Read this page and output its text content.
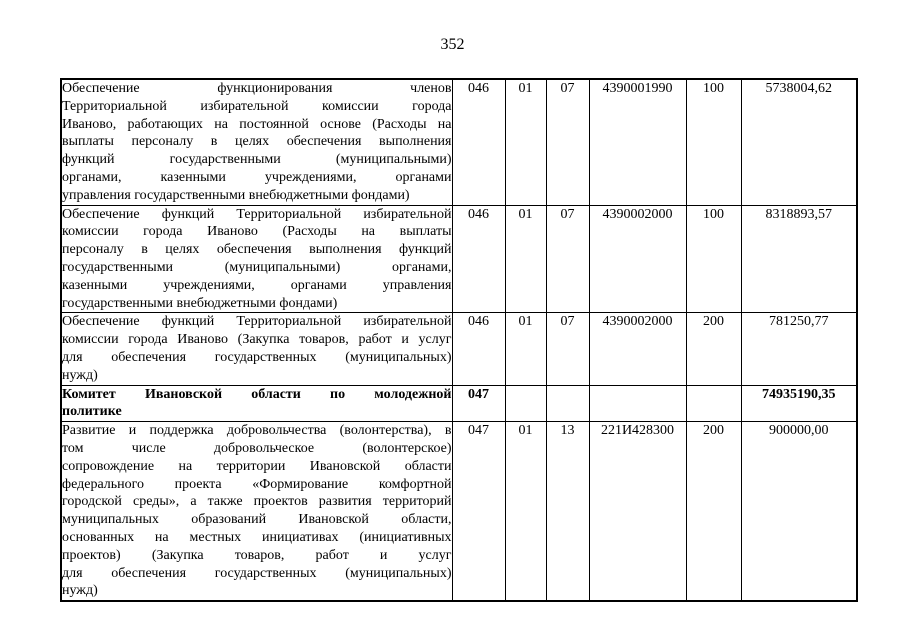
352
Обеспечение функционирования членов
Территориальной избирательной комиссии города
Иваново, работающих на постоянной основе (Расходы на
выплаты персоналу в целях обеспечения выполнения
функций государственными (муниципальными)
органами, казенными учреждениями, органами
управления государственными внебюджетными фондами)
	046	01	07	4390001990	100	5738004,62

Обеспечение функций Территориальной избирательной
комиссии города Иваново (Расходы на выплаты
персоналу в целях обеспечения выполнения функций
государственными (муниципальными) органами,
казенными учреждениями, органами управления
государственными внебюджетными фондами)
	046	01	07	4390002000	100	8318893,57

Обеспечение функций Территориальной избирательной
комиссии города Иваново (Закупка товаров, работ и услуг
для обеспечения государственных (муниципальных)
нужд)	046	01	07	4390002000	200	781250,77

Комитет Ивановской области по молодежной
политике	047					74935190,35

Развитие и поддержка добровольчества (волонтерства), в
том числе добровольческое (волонтерское)
сопровождение на территории Ивановской области
федерального проекта «Формирование комфортной
городской среды», а также проектов развития территорий
муниципальных образований Ивановской области,
основанных на местных инициативах (инициативных
проектов) (Закупка товаров, работ и услуг
для обеспечения государственных (муниципальных)
нужд)
	047	01	13	221И428300	200	900000,00
